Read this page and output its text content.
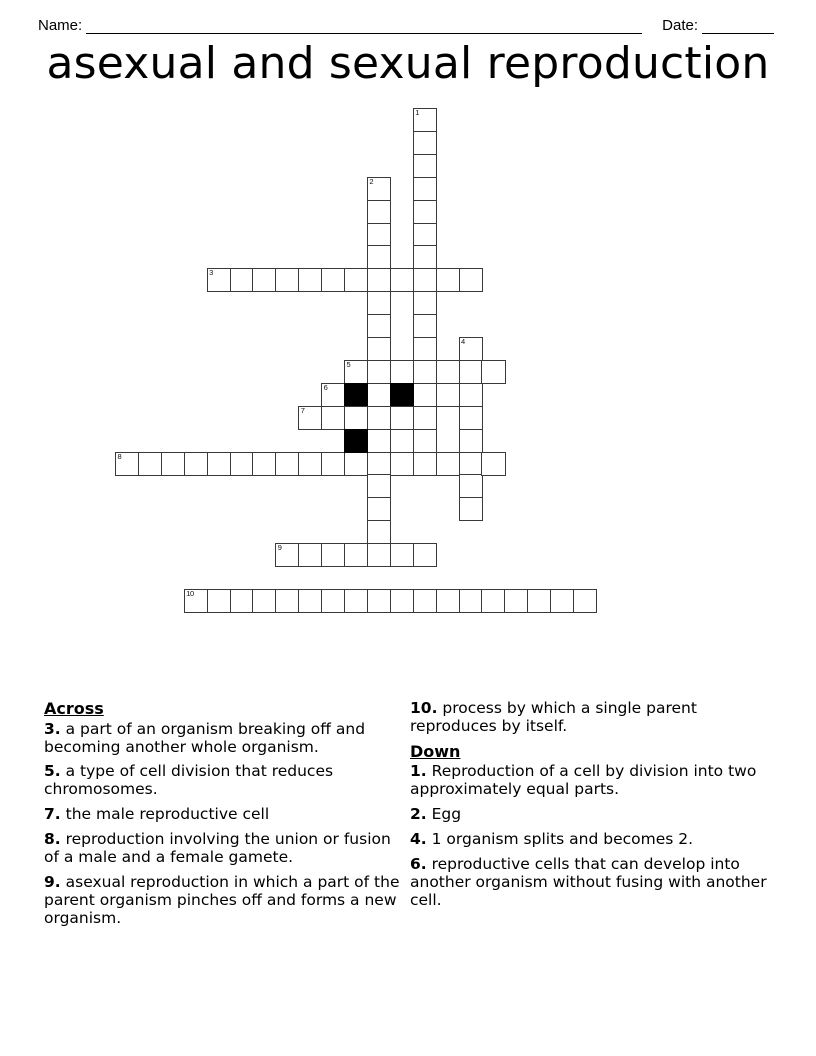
Name:	Date:
asexual and sexual reproduction
1
2
3
4
5
6
7
8
9
10
Across
3. a part of an organism breaking off and becoming another whole organism.
5. a type of cell division that reduces chromosomes.
7. the male reproductive cell
8. reproduction involving the union or fusion of a male and a female gamete.
9. asexual reproduction in which a part of the parent organism pinches off and forms a new organism.
10. process by which a single parent reproduces by itself.
Down
1. Reproduction of a cell by division into two approximately equal parts.
2. Egg
4. 1 organism splits and becomes 2.
6. reproductive cells that can develop into another organism without fusing with another cell.
